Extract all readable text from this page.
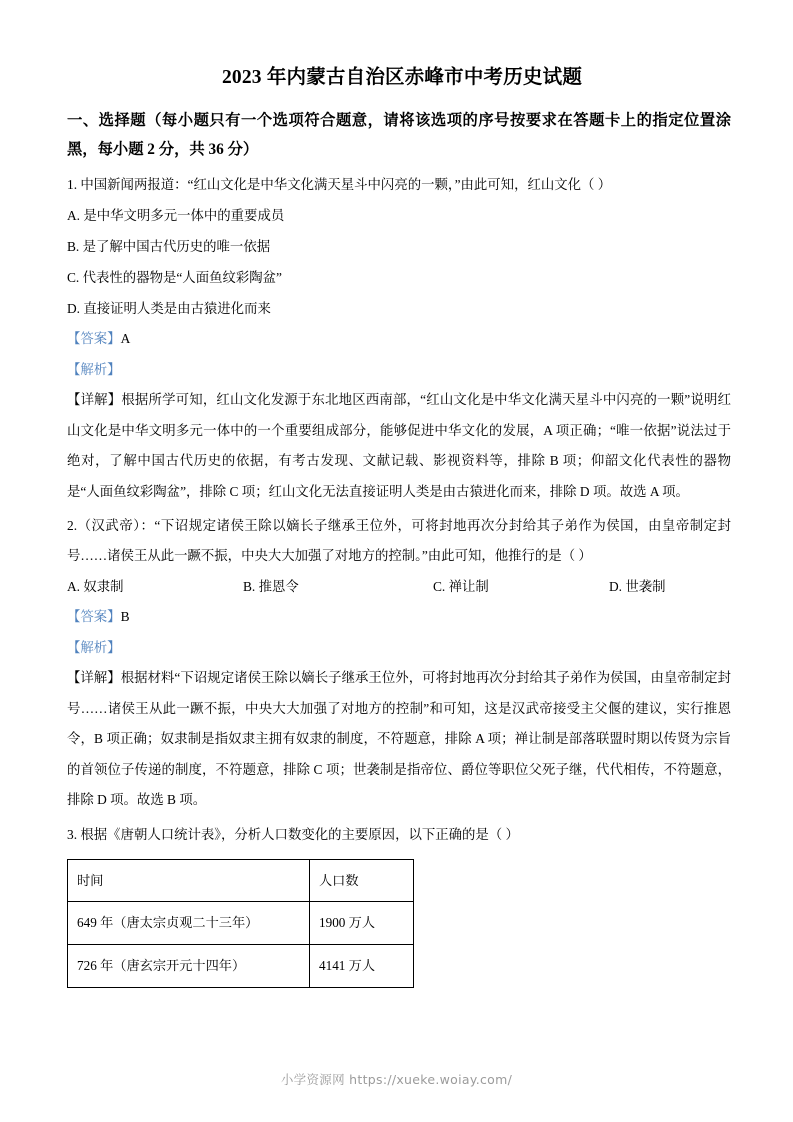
2023 年内蒙古自治区赤峰市中考历史试题
一、选择题（每小题只有一个选项符合题意，请将该选项的序号按要求在答题卡上的指定位置涂黑，每小题 2 分，共 36 分）
1. 中国新闻两报道：“红山文化是中华文化满天星斗中闪亮的一颗，”由此可知，红山文化（ ）
A. 是中华文明多元一体中的重要成员
B. 是了解中国古代历史的唯一依据
C. 代表性的器物是“人面鱼纹彩陶盆”
D. 直接证明人类是由古猿进化而来
【答案】A
【解析】
【详解】根据所学可知，红山文化发源于东北地区西南部，“红山文化是中华文化满天星斗中闪亮的一颗”说明红山文化是中华文明多元一体中的一个重要组成部分，能够促进中华文化的发展，A 项正确；“唯一依据”说法过于绝对，了解中国古代历史的依据，有考古发现、文献记载、影视资料等，排除 B 项；仰韶文化代表性的器物是“人面鱼纹彩陶盆”，排除 C 项；红山文化无法直接证明人类是由古猿进化而来，排除 D 项。故选 A 项。
2.（汉武帝）：“下诏规定诸侯王除以嫡长子继承王位外，可将封地再次分封给其子弟作为侯国，由皇帝制定封号……诸侯王从此一蹶不振，中央大大加强了对地方的控制。”由此可知，他推行的是（ ）
A. 奴隶制	B. 推恩令	C. 禅让制	D. 世袭制
【答案】B
【解析】
【详解】根据材料“下诏规定诸侯王除以嫡长子继承王位外，可将封地再次分封给其子弟作为侯国，由皇帝制定封号……诸侯王从此一蹶不振，中央大大加强了对地方的控制”和可知，这是汉武帝接受主父偃的建议，实行推恩令，B 项正确；奴隶制是指奴隶主拥有奴隶的制度，不符题意，排除 A 项；禅让制是部落联盟时期以传贤为宗旨的首领位子传递的制度，不符题意，排除 C 项；世袭制是指帝位、爵位等职位父死子继，代代相传，不符题意，排除 D 项。故选 B 项。
3. 根据《唐朝人口统计表》，分析人口数变化的主要原因，以下正确的是（ ）
时间	人口数
649 年（唐太宗贞观二十三年）	1900 万人
726 年（唐玄宗开元十四年）	4141 万人
小学资源网 https://xueke.woiay.com/
